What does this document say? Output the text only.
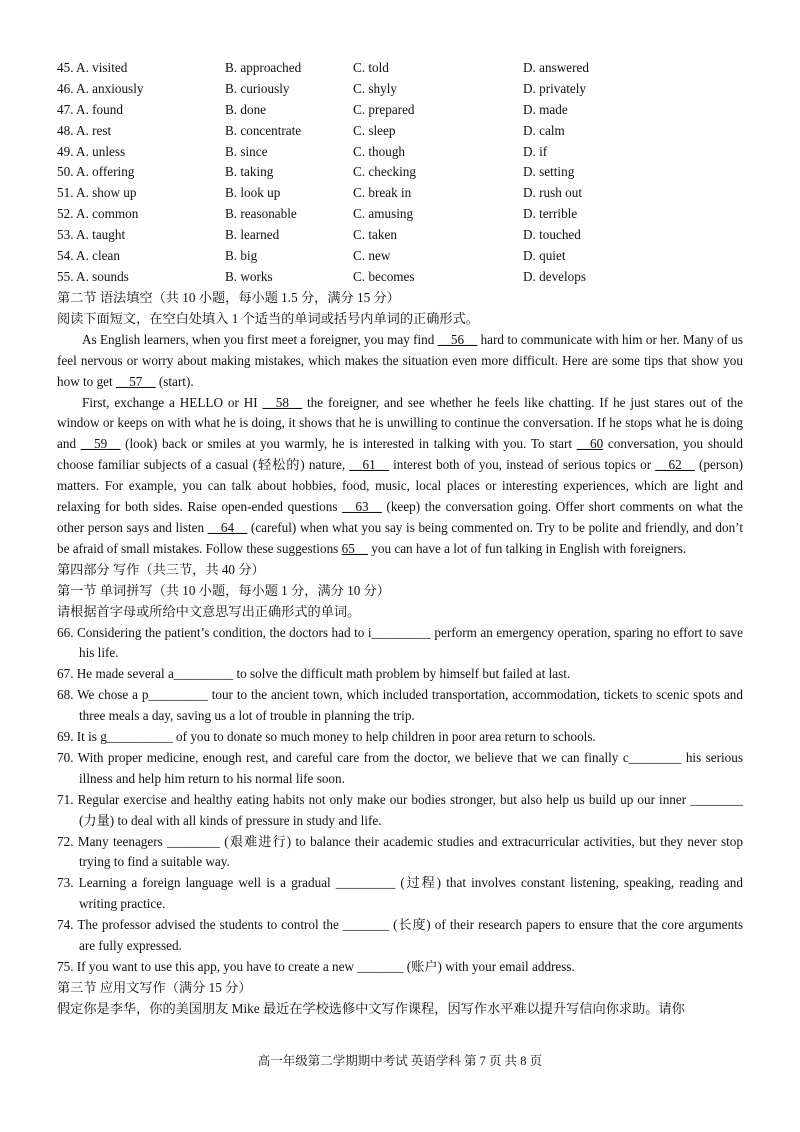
45. A. visited	B. approached	C. told	D. answered
46. A. anxiously	B. curiously	C. shyly	D. privately
47. A. found	B. done	C. prepared	D. made
48. A. rest	B. concentrate	C. sleep	D. calm
49. A. unless	B. since	C. though	D. if
50. A. offering	B. taking	C. checking	D. setting
51. A. show up	B. look up	C. break in	D. rush out
52. A. common	B. reasonable	C. amusing	D. terrible
53. A. taught	B. learned	C. taken	D. touched
54. A. clean	B. big	C. new	D. quiet
55. A. sounds	B. works	C. becomes	D. develops
第二节 语法填空（共 10 小题，每小题 1.5 分，满分 15 分）
阅读下面短文，在空白处填入 1 个适当的单词或括号内单词的正确形式。

As English learners, when you first meet a foreigner, you may find __56__ hard to communicate with him or her. Many of us feel nervous or worry about making mistakes, which makes the situation even more difficult. Here are some tips that show you how to get __57__ (start).

First, exchange a HELLO or HI __58__ the foreigner, and see whether he feels like chatting. If he just stares out of the window or keeps on with what he is doing, it shows that he is unwilling to continue the conversation. If he stops what he is doing and __59__ (look) back or smiles at you warmly, he is interested in talking with you. To start __60 conversation, you should choose familiar subjects of a casual (轻松的) nature, __61__ interest both of you, instead of serious topics or __62__ (person) matters. For example, you can talk about hobbies, food, music, local places or interesting experiences, which are light and relaxing for both sides. Raise open-ended questions __63__ (keep) the conversation going. Offer short comments on what the other person says and listen __64__ (careful) when what you say is being commented on. Try to be polite and friendly, and don’t be afraid of small mistakes. Follow these suggestions 65__ you can have a lot of fun talking in English with foreigners.

第四部分 写作（共三节，共 40 分）
第一节 单词拼写（共 10 小题，每小题 1 分，满分 10 分）
请根据首字母或所给中文意思写出正确形式的单词。

66. Considering the patient’s condition, the doctors had to i_________ perform an emergency operation, sparing no effort to save his life.

67. He made several a_________ to solve the difficult math problem by himself but failed at last.

68. We chose a p_________ tour to the ancient town, which included transportation, accommodation, tickets to scenic spots and three meals a day, saving us a lot of trouble in planning the trip.

69. It is g__________ of you to donate so much money to help children in poor area return to schools.

70. With proper medicine, enough rest, and careful care from the doctor, we believe that we can finally c________ his serious illness and help him return to his normal life soon.

71. Regular exercise and healthy eating habits not only make our bodies stronger, but also help us build up our inner ________ (力量) to deal with all kinds of pressure in study and life.

72. Many teenagers ________ (艰难进行) to balance their academic studies and extracurricular activities, but they never stop trying to find a suitable way.

73. Learning a foreign language well is a gradual _________ (过程) that involves constant listening, speaking, reading and writing practice.

74. The professor advised the students to control the _______ (长度) of their research papers to ensure that the core arguments are fully expressed.

75. If you want to use this app, you have to create a new _______ (账户) with your email address.

第三节 应用文写作（满分 15 分）
假定你是李华，你的美国朋友 Mike 最近在学校选修中文写作课程，因写作水平难以提升写信向你求助。请你
高一年级第二学期期中考试 英语学科 第 7 页 共 8 页
